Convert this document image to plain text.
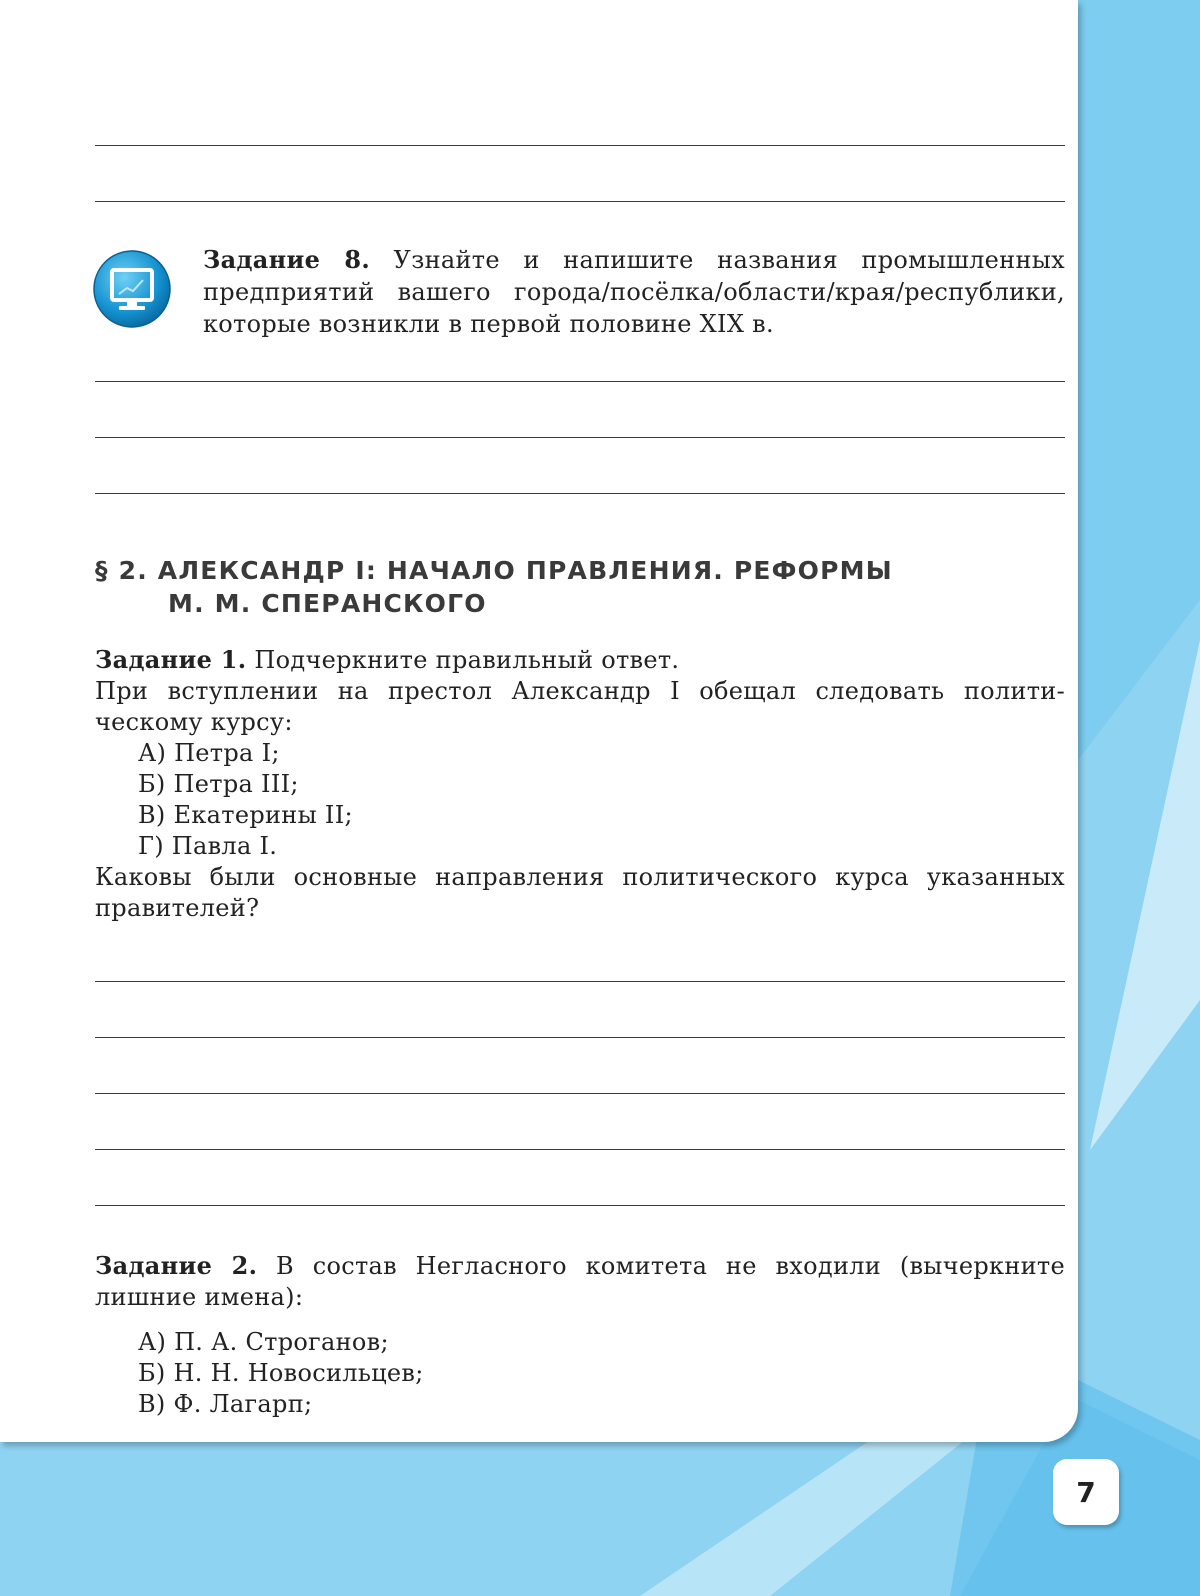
Задание 8. Узнайте и напишите названия промышленных
предприятий вашего города/посёлка/области/края/республики,
которые возникли в первой половине XIX в.
§ 2. АЛЕКСАНДР I: НАЧАЛО ПРАВЛЕНИЯ. РЕФОРМЫ
М. М. СПЕРАНСКОГО
Задание 1. Подчеркните правильный ответ.
При вступлении на престол Александр I обещал следовать полити-
ческому курсу:
А) Петра I;
Б) Петра III;
В) Екатерины II;
Г) Павла I.
Каковы были основные направления политического курса указанных
правителей?
Задание 2. В состав Негласного комитета не входили (вычеркните
лишние имена):
А) П. А. Строганов;
Б) Н. Н. Новосильцев;
В) Ф. Лагарп;
7
